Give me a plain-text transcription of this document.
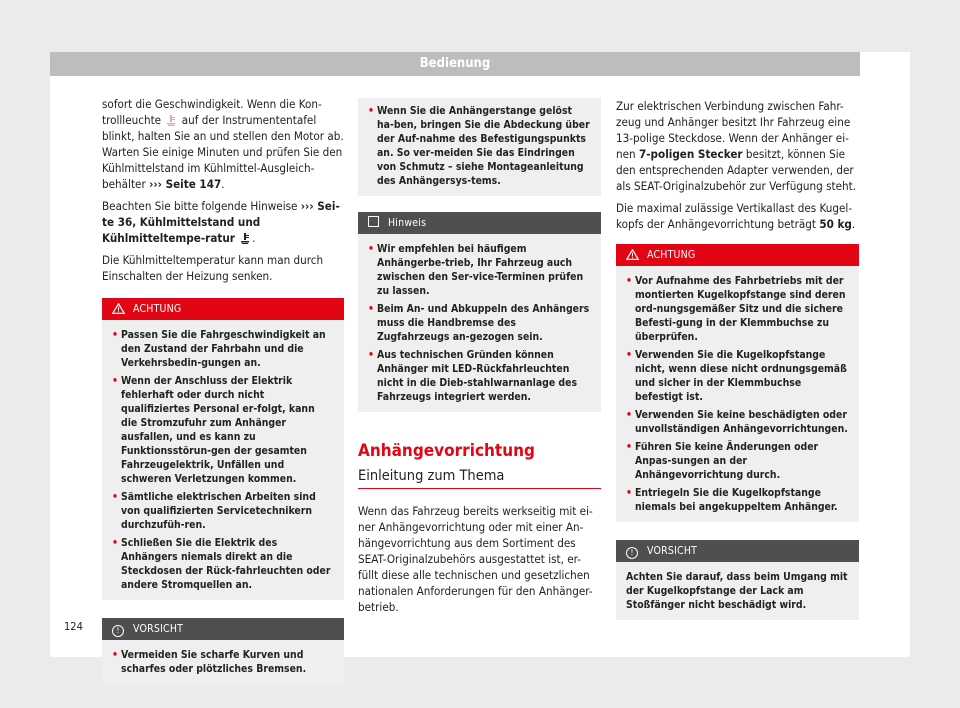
Bedienung

sofort die Geschwindigkeit. Wenn die Kon-trollleuchte auf der Instrumententafel blinkt, halten Sie an und stellen den Motor ab. Warten Sie einige Minuten und prüfen Sie den Kühlmittelstand im Kühlmittel-Ausgleich-behälter ››› Seite 147.

Beachten Sie bitte folgende Hinweise ››› Sei-te 36, Kühlmittelstand und Kühlmitteltempe-ratur .

Die Kühlmitteltemperatur kann man durch Einschalten der Heizung senken.

ACHTUNG
• Passen Sie die Fahrgeschwindigkeit an den Zustand der Fahrbahn und die Verkehrsbedin-gungen an.
• Wenn der Anschluss der Elektrik fehlerhaft oder durch nicht qualifiziertes Personal er-folgt, kann die Stromzufuhr zum Anhänger ausfallen, und es kann zu Funktionsstörun-gen der gesamten Fahrzeugelektrik, Unfällen und schweren Verletzungen kommen.
• Sämtliche elektrischen Arbeiten sind von qualifizierten Servicetechnikern durchzufüh-ren.
• Schließen Sie die Elektrik des Anhängers niemals direkt an die Steckdosen der Rück-fahrleuchten oder andere Stromquellen an.
! VORSICHT
• Vermeiden Sie scharfe Kurven und scharfes oder plötzliches Bremsen.
• Wenn Sie die Anhängerstange gelöst ha-ben, bringen Sie die Abdeckung über der Auf-nahme des Befestigungspunkts an. So ver-meiden Sie das Eindringen von Schmutz – siehe Montageanleitung des Anhängersys-tems.
Hinweis
• Wir empfehlen bei häufigem Anhängerbe-trieb, Ihr Fahrzeug auch zwischen den Ser-vice-Terminen prüfen zu lassen.
• Beim An- und Abkuppeln des Anhängers muss die Handbremse des Zugfahrzeugs an-gezogen sein.
• Aus technischen Gründen können Anhänger mit LED-Rückfahrleuchten nicht in die Dieb-stahlwarnanlage des Fahrzeugs integriert werden.
Anhängevorrichtung
Einleitung zum Thema

Wenn das Fahrzeug bereits werkseitig mit ei-ner Anhängevorrichtung oder mit einer An-hängevorrichtung aus dem Sortiment des SEAT-Originalzubehörs ausgestattet ist, er-füllt diese alle technischen und gesetzlichen nationalen Anforderungen für den Anhänger-betrieb.

Zur elektrischen Verbindung zwischen Fahr-zeug und Anhänger besitzt Ihr Fahrzeug eine 13-polige Steckdose. Wenn der Anhänger ei-nen 7-poligen Stecker besitzt, können Sie den entsprechenden Adapter verwenden, der als SEAT-Originalzubehör zur Verfügung steht.

Die maximal zulässige Vertikallast des Kugel-kopfs der Anhängevorrichtung beträgt 50 kg.

ACHTUNG
• Vor Aufnahme des Fahrbetriebs mit der montierten Kugelkopfstange sind deren ord-nungsgemäßer Sitz und die sichere Befesti-gung in der Klemmbuchse zu überprüfen.
• Verwenden Sie die Kugelkopfstange nicht, wenn diese nicht ordnungsgemäß und sicher in der Klemmbuchse befestigt ist.
• Verwenden Sie keine beschädigten oder unvollständigen Anhängevorrichtungen.
• Führen Sie keine Änderungen oder Anpas-sungen an der Anhängevorrichtung durch.
• Entriegeln Sie die Kugelkopfstange niemals bei angekuppeltem Anhänger.
! VORSICHT
Achten Sie darauf, dass beim Umgang mit der Kugelkopfstange der Lack am Stoßfänger nicht beschädigt wird.
124
